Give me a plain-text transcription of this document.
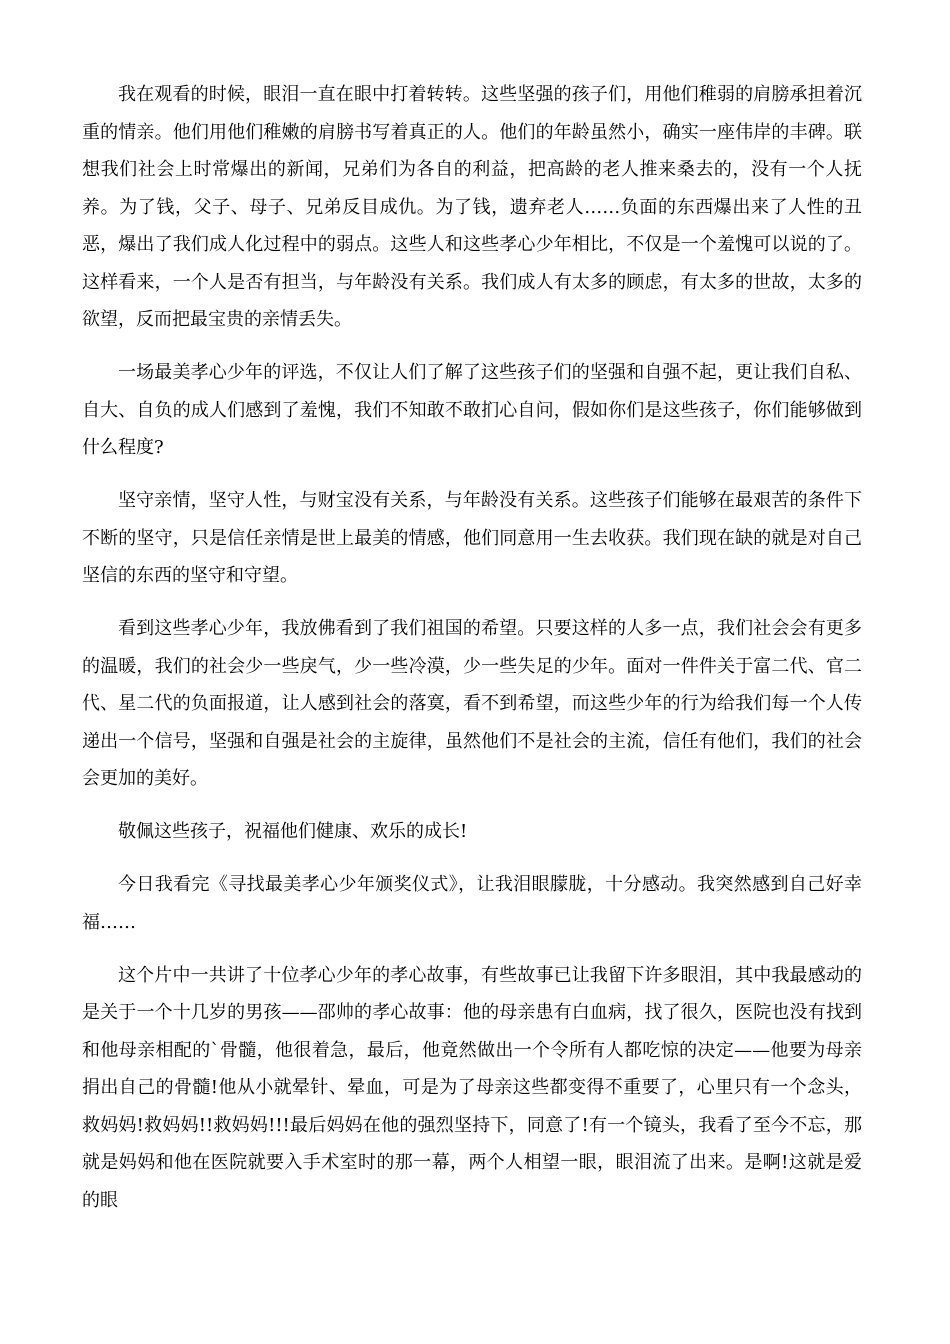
我在观看的时候，眼泪一直在眼中打着转转。这些坚强的孩子们，用他们稚弱的肩膀承担着沉重的情亲。他们用他们稚嫩的肩膀书写着真正的人。他们的年龄虽然小，确实一座伟岸的丰碑。联想我们社会上时常爆出的新闻，兄弟们为各自的利益，把高龄的老人推来桑去的，没有一个人抚养。为了钱，父子、母子、兄弟反目成仇。为了钱，遗弃老人……负面的东西爆出来了人性的丑恶，爆出了我们成人化过程中的弱点。这些人和这些孝心少年相比，不仅是一个羞愧可以说的了。这样看来，一个人是否有担当，与年龄没有关系。我们成人有太多的顾虑，有太多的世故，太多的欲望，反而把最宝贵的亲情丢失。

一场最美孝心少年的评选，不仅让人们了解了这些孩子们的坚强和自强不起，更让我们自私、自大、自负的成人们感到了羞愧，我们不知敢不敢扪心自问，假如你们是这些孩子，你们能够做到什么程度?

坚守亲情，坚守人性，与财宝没有关系，与年龄没有关系。这些孩子们能够在最艰苦的条件下不断的坚守，只是信任亲情是世上最美的情感，他们同意用一生去收获。我们现在缺的就是对自己坚信的东西的坚守和守望。

看到这些孝心少年，我放佛看到了我们祖国的希望。只要这样的人多一点，我们社会会有更多的温暖，我们的社会少一些戾气，少一些冷漠，少一些失足的少年。面对一件件关于富二代、官二代、星二代的负面报道，让人感到社会的落寞，看不到希望，而这些少年的行为给我们每一个人传递出一个信号，坚强和自强是社会的主旋律，虽然他们不是社会的主流，信任有他们，我们的社会会更加的美好。

敬佩这些孩子，祝福他们健康、欢乐的成长!

今日我看完《寻找最美孝心少年颁奖仪式》，让我泪眼朦胧，十分感动。我突然感到自己好幸福……

这个片中一共讲了十位孝心少年的孝心故事，有些故事已让我留下许多眼泪，其中我最感动的是关于一个十几岁的男孩——邵帅的孝心故事：他的母亲患有白血病，找了很久，医院也没有找到和他母亲相配的`骨髓，他很着急，最后，他竟然做出一个令所有人都吃惊的决定——他要为母亲捐出自己的骨髓!他从小就晕针、晕血，可是为了母亲这些都变得不重要了，心里只有一个念头，救妈妈!救妈妈!!救妈妈!!!最后妈妈在他的强烈坚持下，同意了!有一个镜头，我看了至今不忘，那就是妈妈和他在医院就要入手术室时的那一幕，两个人相望一眼，眼泪流了出来。是啊!这就是爱的眼
